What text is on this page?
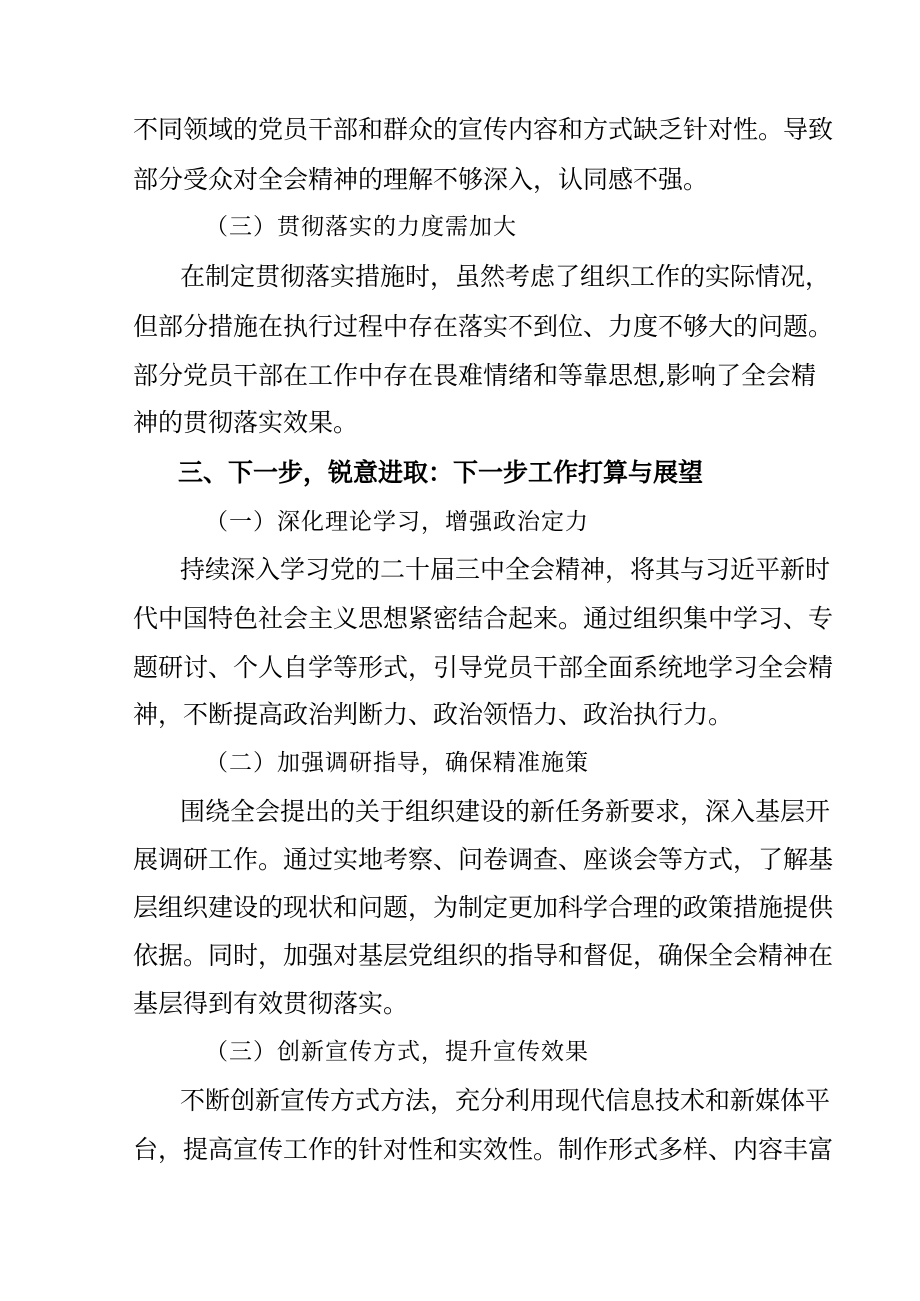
不同领域的党员干部和群众的宣传内容和方式缺乏针对性。导致
部分受众对全会精神的理解不够深入，认同感不强。
（三）贯彻落实的力度需加大
在制定贯彻落实措施时，虽然考虑了组织工作的实际情况，
但部分措施在执行过程中存在落实不到位、力度不够大的问题。
部分党员干部在工作中存在畏难情绪和等靠思想,影响了全会精
神的贯彻落实效果。
三、下一步，锐意进取：下一步工作打算与展望
（一）深化理论学习，增强政治定力
持续深入学习党的二十届三中全会精神，将其与习近平新时
代中国特色社会主义思想紧密结合起来。通过组织集中学习、专
题研讨、个人自学等形式，引导党员干部全面系统地学习全会精
神，不断提高政治判断力、政治领悟力、政治执行力。
（二）加强调研指导，确保精准施策
围绕全会提出的关于组织建设的新任务新要求，深入基层开
展调研工作。通过实地考察、问卷调查、座谈会等方式，了解基
层组织建设的现状和问题，为制定更加科学合理的政策措施提供
依据。同时，加强对基层党组织的指导和督促，确保全会精神在
基层得到有效贯彻落实。
（三）创新宣传方式，提升宣传效果
不断创新宣传方式方法，充分利用现代信息技术和新媒体平
台，提高宣传工作的针对性和实效性。制作形式多样、内容丰富
